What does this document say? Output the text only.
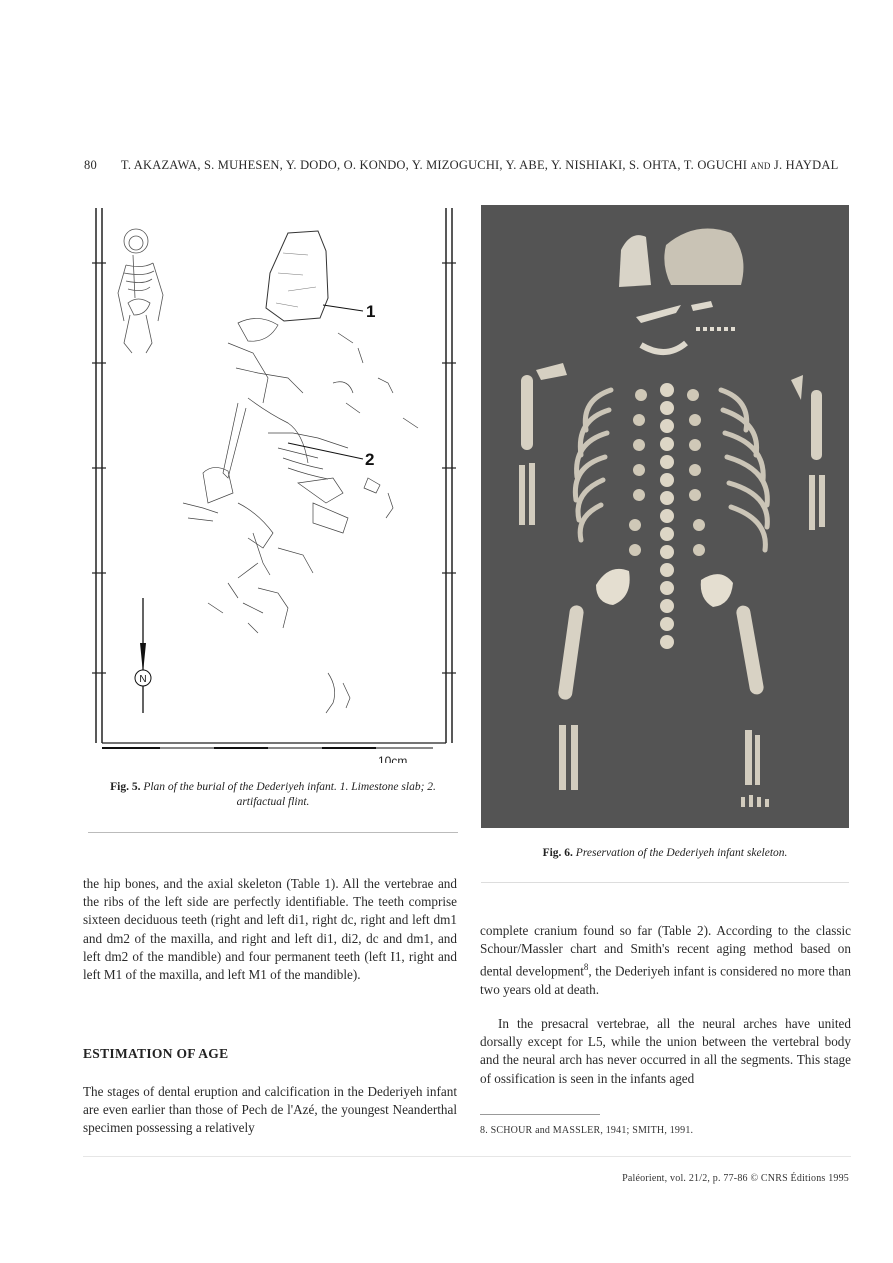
80 T. AKAZAWA, S. MUHESEN, Y. DODO, O. KONDO, Y. MIZOGUCHI, Y. ABE, Y. NISHIAKI, S. OHTA, T. OGUCHI and J. HAYDAL
1
2
N
10cm
Fig. 5. Plan of the burial of the Dederiyeh infant. 1. Limestone slab; 2. artifactual flint.
Fig. 6. Preservation of the Dederiyeh infant skeleton.
the hip bones, and the axial skeleton (Table 1). All the vertebrae and the ribs of the left side are perfectly identifiable. The teeth comprise sixteen deciduous teeth (right and left di1, right dc, right and left dm1 and dm2 of the maxilla, and right and left di1, di2, dc and dm1, and left dm2 of the mandible) and four permanent teeth (left I1, right and left M1 of the maxilla, and left M1 of the mandible).
ESTIMATION OF AGE
The stages of dental eruption and calcification in the Dederiyeh infant are even earlier than those of Pech de l'Azé, the youngest Neanderthal specimen possessing a relatively
complete cranium found so far (Table 2). According to the classic Schour/Massler chart and Smith's recent aging method based on dental development$^8$, the Dederiyeh infant is considered no more than two years old at death.
In the presacral vertebrae, all the neural arches have united dorsally except for L5, while the union between the vertebral body and the neural arch has never occurred in all the segments. This stage of ossification is seen in the infants aged
8. SCHOUR and MASSLER, 1941; SMITH, 1991.
Paléorient, vol. 21/2, p. 77-86 © CNRS Éditions 1995
